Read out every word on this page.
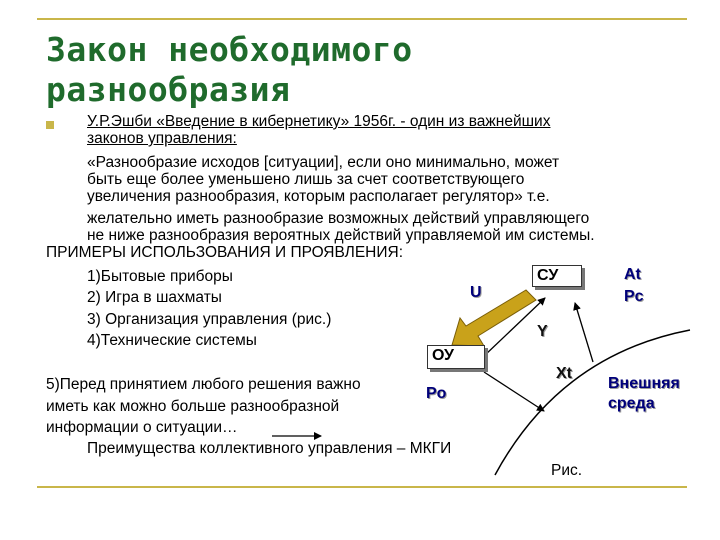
Закон необходимого разнообразия
У.Р.Эшби «Введение в кибернетику» 1956г. - один из важнейших
законов управления:
«Разнообразие исходов [ситуации], если оно минимально, может
быть еще более уменьшено лишь за счет соответствующего
увеличения разнообразия, которым располагает регулятор» т.е.
желательно иметь разнообразие возможных действий управляющего
не ниже разнообразия вероятных действий управляемой им системы.
ПРИМЕРЫ ИСПОЛЬЗОВАНИЯ И ПРОЯВЛЕНИЯ:
1)Бытовые приборы
2) Игра в шахматы
3) Организация управления (рис.)
4)Технические системы
5)Перед принятием любого решения важно
иметь как можно больше разнообразной
информации о ситуации…
Преимущества коллективного управления – МКГИ
СУ
ОУ
At
Pc
U
Y
Xt
Po
Внешняя
среда
Рис.
